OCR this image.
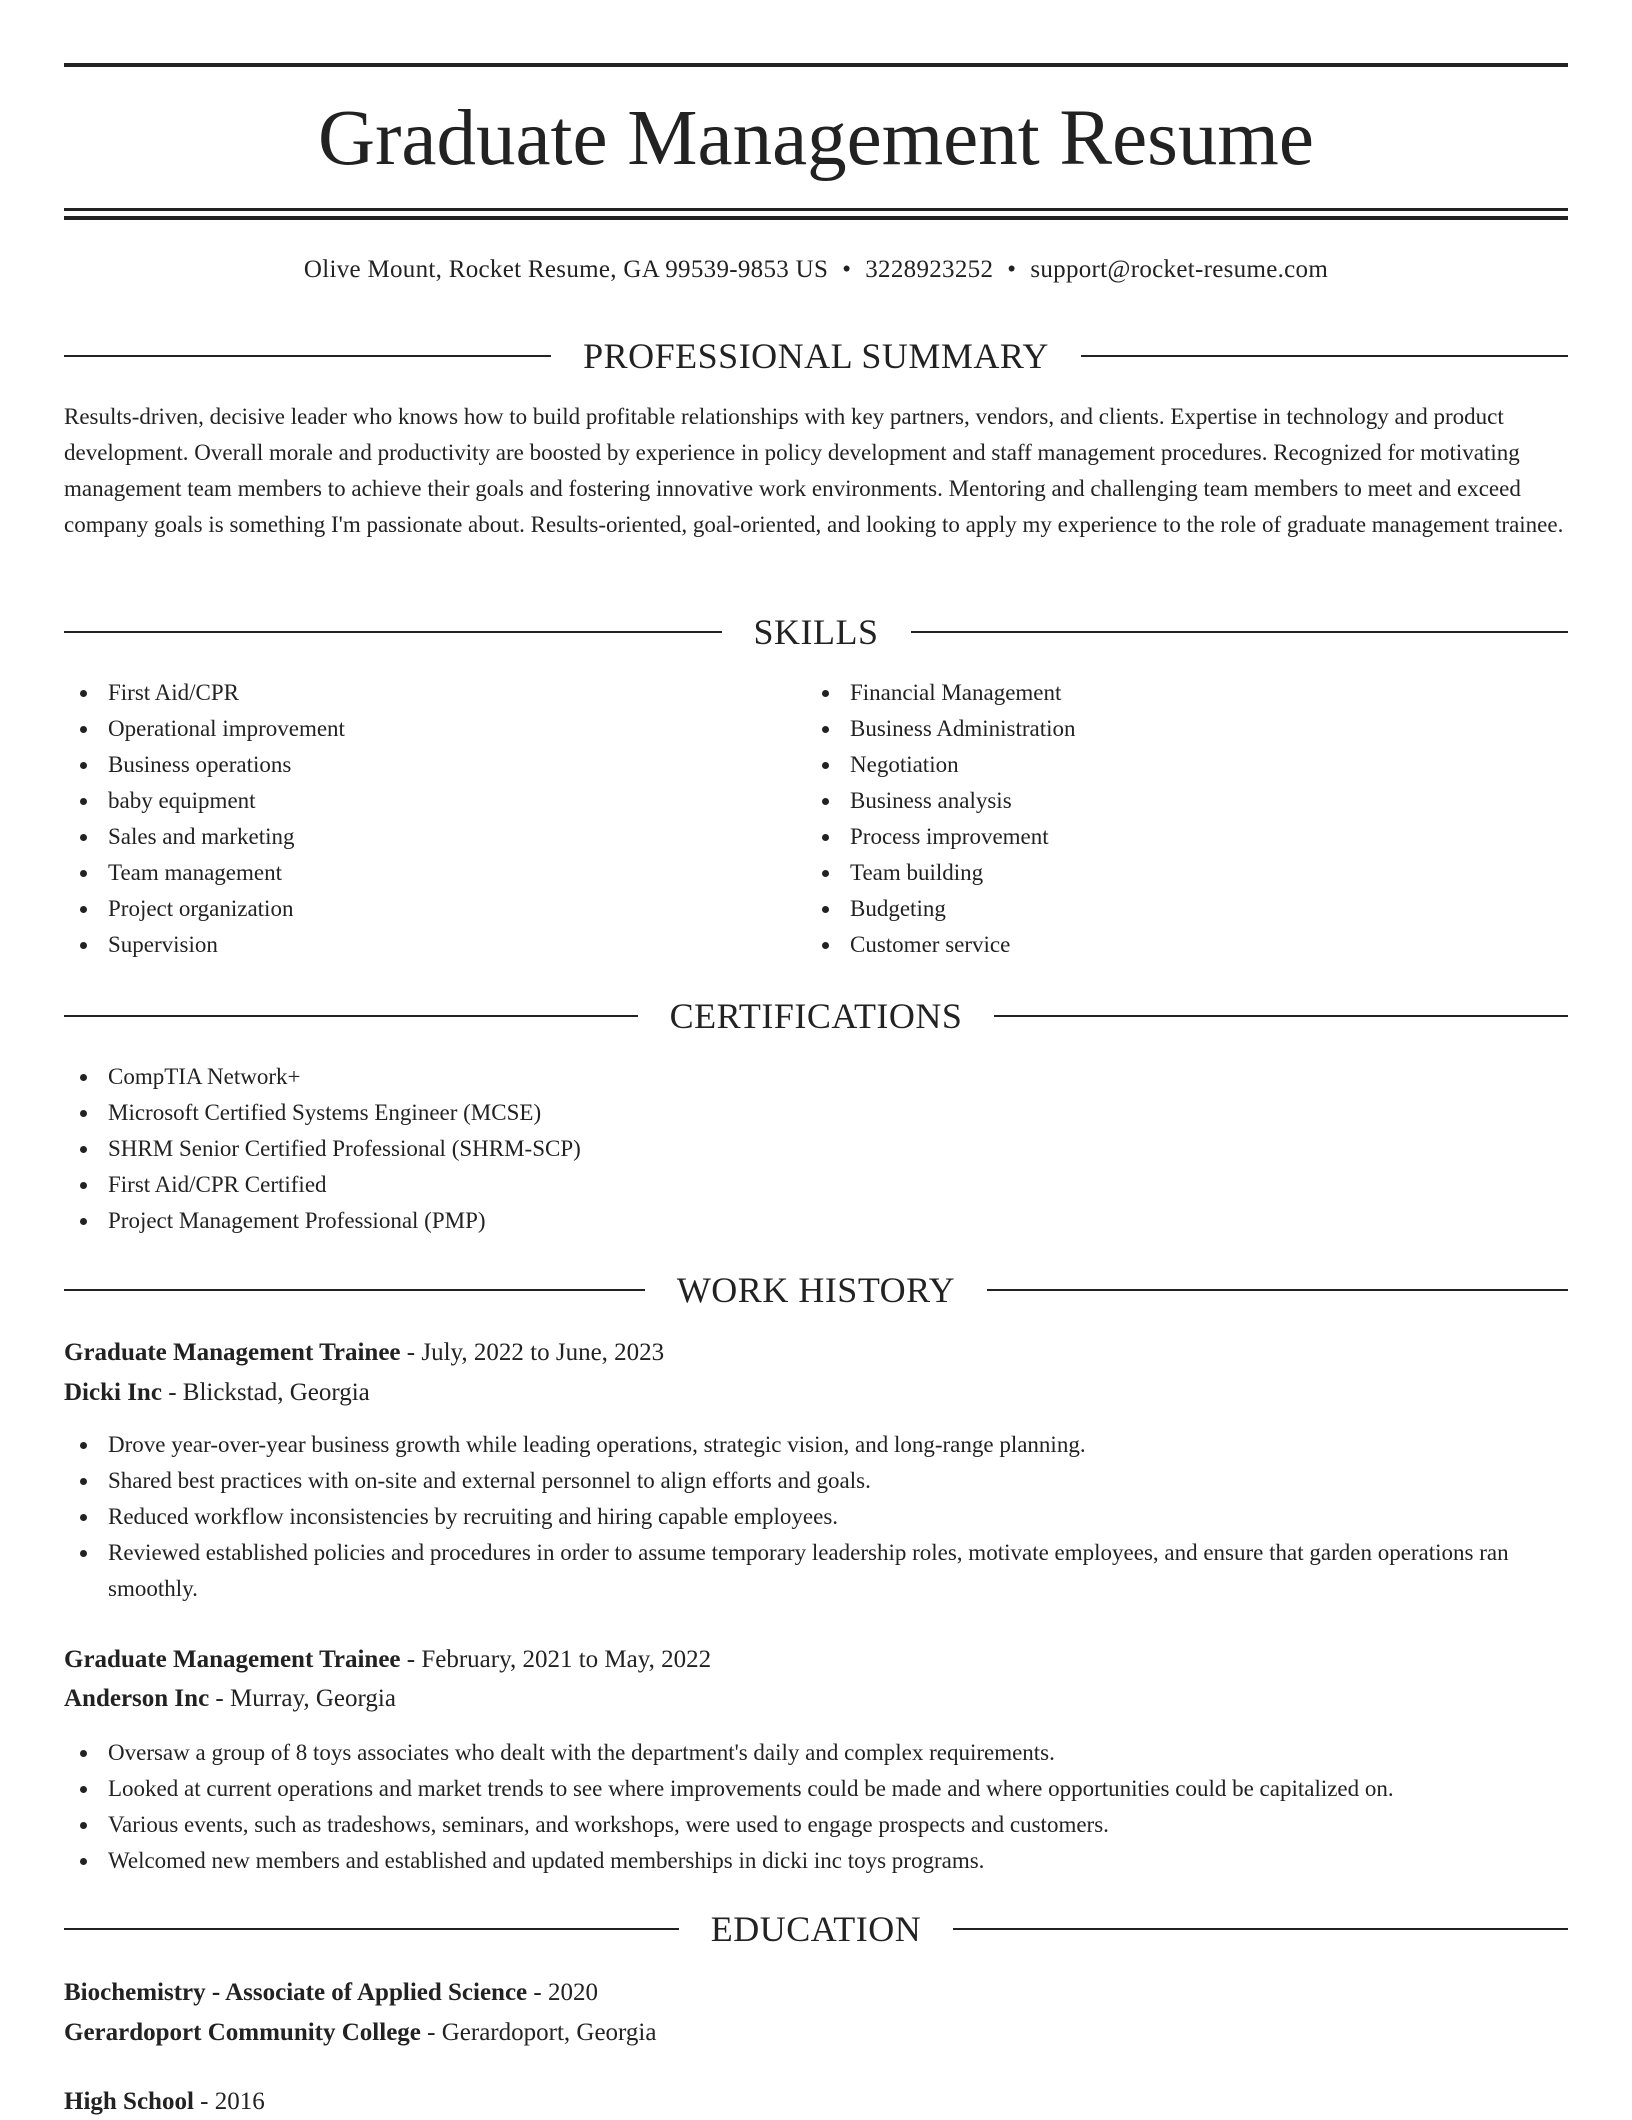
Graduate Management Resume
Olive Mount, Rocket Resume, GA 99539-9853 US • 3228923252 • support@rocket-resume.com
PROFESSIONAL SUMMARY

Results-driven, decisive leader who knows how to build profitable relationships with key partners, vendors, and clients. Expertise in technology and product development. Overall morale and productivity are boosted by experience in policy development and staff management procedures. Recognized for motivating management team members to achieve their goals and fostering innovative work environments. Mentoring and challenging team members to meet and exceed company goals is something I'm passionate about. Results-oriented, goal-oriented, and looking to apply my experience to the role of graduate management trainee.

SKILLS
First Aid/CPR
Operational improvement
Business operations
baby equipment
Sales and marketing
Team management
Project organization
Supervision
Financial Management
Business Administration
Negotiation
Business analysis
Process improvement
Team building
Budgeting
Customer service
CERTIFICATIONS
CompTIA Network+
Microsoft Certified Systems Engineer (MCSE)
SHRM Senior Certified Professional (SHRM-SCP)
First Aid/CPR Certified
Project Management Professional (PMP)
WORK HISTORY
Graduate Management Trainee - July, 2022 to June, 2023
Dicki Inc - Blickstad, Georgia
Drove year-over-year business growth while leading operations, strategic vision, and long-range planning.
Shared best practices with on-site and external personnel to align efforts and goals.
Reduced workflow inconsistencies by recruiting and hiring capable employees.
Reviewed established policies and procedures in order to assume temporary leadership roles, motivate employees, and ensure that garden operations ran smoothly.
Graduate Management Trainee - February, 2021 to May, 2022
Anderson Inc - Murray, Georgia
Oversaw a group of 8 toys associates who dealt with the department's daily and complex requirements.
Looked at current operations and market trends to see where improvements could be made and where opportunities could be capitalized on.
Various events, such as tradeshows, seminars, and workshops, were used to engage prospects and customers.
Welcomed new members and established and updated memberships in dicki inc toys programs.
EDUCATION
Biochemistry - Associate of Applied Science - 2020
Gerardoport Community College - Gerardoport, Georgia
High School - 2016
